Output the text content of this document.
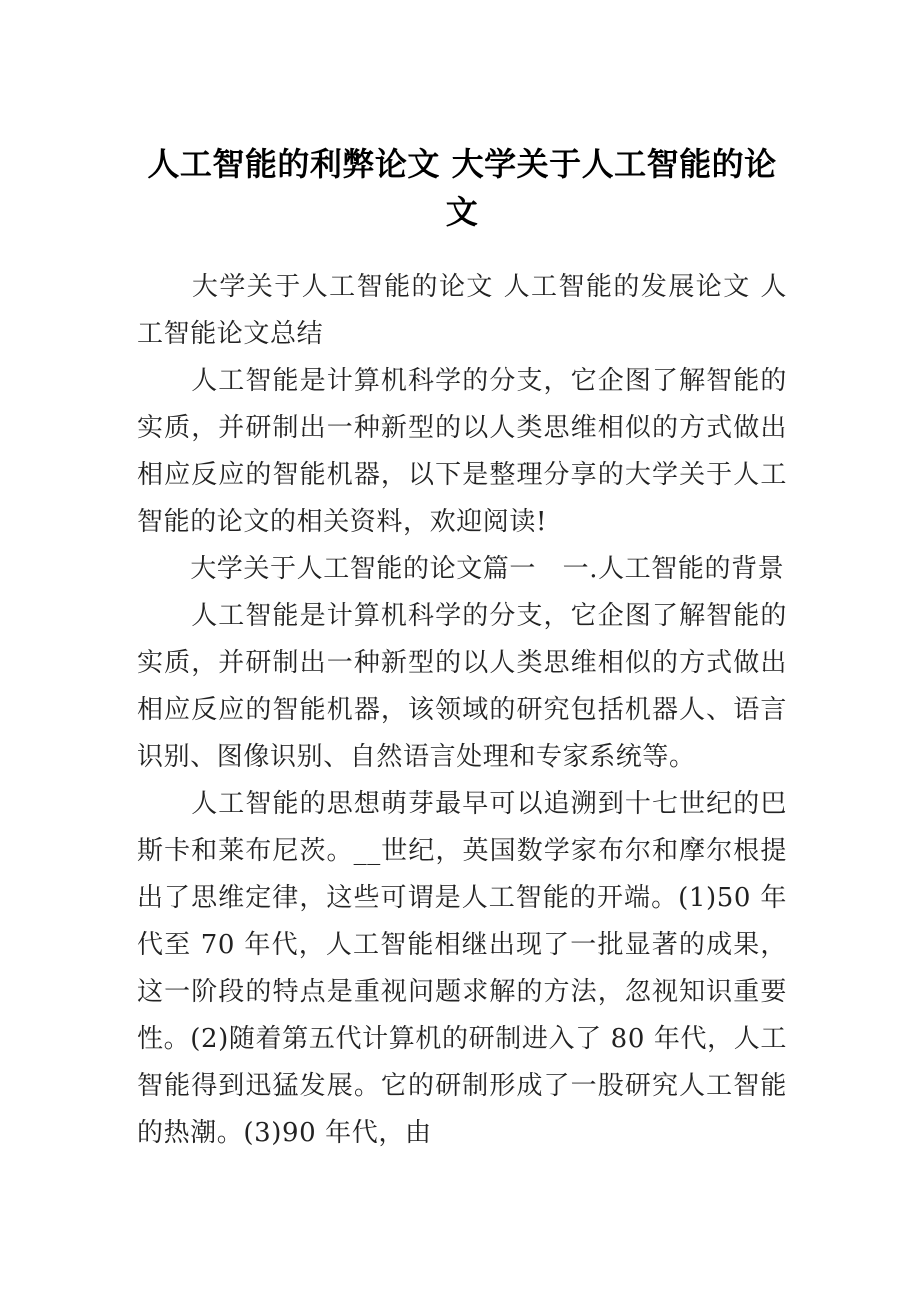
人工智能的利弊论文 大学关于人工智能的论文

　　大学关于人工智能的论文 人工智能的发展论文 人工智能论文总结

　　人工智能是计算机科学的分支，它企图了解智能的实质，并研制出一种新型的以人类思维相似的方式做出相应反应的智能机器，以下是整理分享的大学关于人工智能的论文的相关资料，欢迎阅读!

　　大学关于人工智能的论文篇一　一.人工智能的背景

　　人工智能是计算机科学的分支，它企图了解智能的实质，并研制出一种新型的以人类思维相似的方式做出相应反应的智能机器，该领域的研究包括机器人、语言识别、图像识别、自然语言处理和专家系统等。

　　人工智能的思想萌芽最早可以追溯到十七世纪的巴斯卡和莱布尼茨。__世纪，英国数学家布尔和摩尔根提出了思维定律，这些可谓是人工智能的开端。(1)50 年代至 70 年代，人工智能相继出现了一批显著的成果，这一阶段的特点是重视问题求解的方法，忽视知识重要性。(2)随着第五代计算机的研制进入了 80 年代，人工智能得到迅猛发展。它的研制形成了一股研究人工智能的热潮。(3)90 年代，由
